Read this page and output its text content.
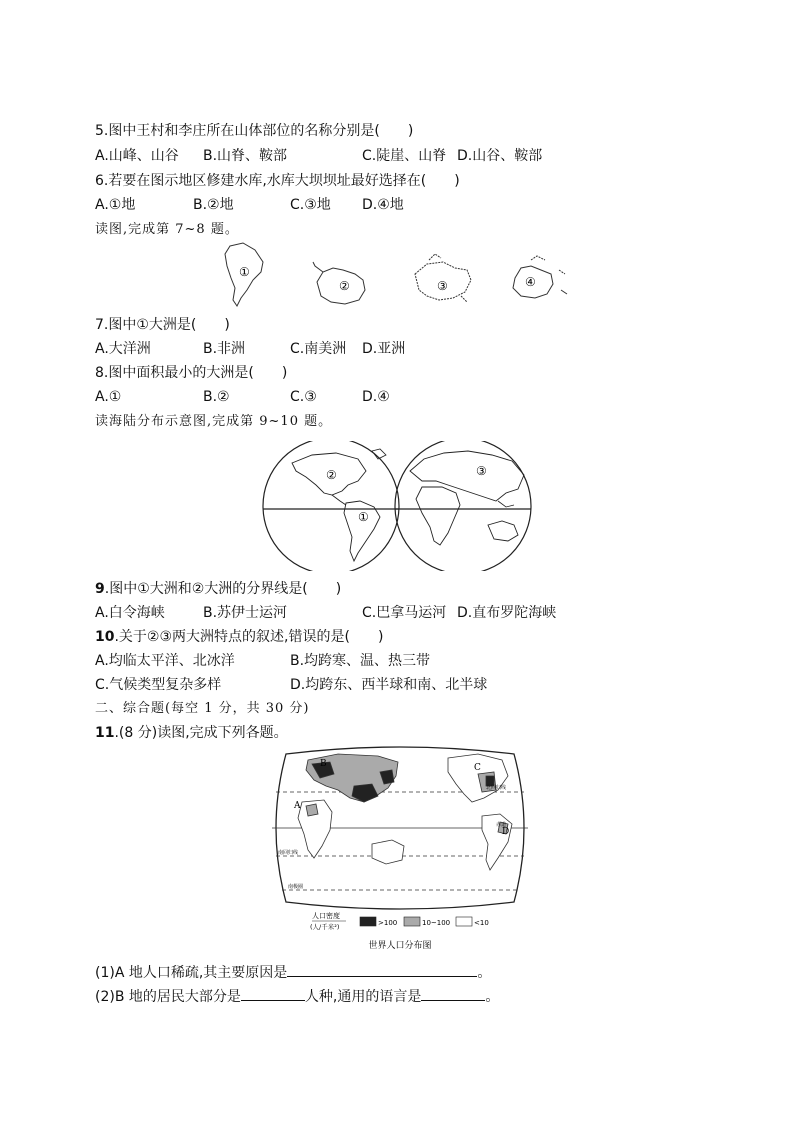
5.图中王村和李庄所在山体部位的名称分别是(　　)
A.山峰、山谷 B.山脊、鞍部	C.陡崖、山脊 D.山谷、鞍部
6.若要在图示地区修建水库,水库大坝坝址最好选择在(　　)
A.①地	B.②地	C.③地 D.④地
读图,完成第 7~8 题。
①
②	③	④
7.图中①大洲是(　　)
A.大洋洲	B.非洲	C.南美洲 D.亚洲
8.图中面积最小的大洲是(　　)
A.①	B.②	C.③	D.④
读海陆分布示意图,完成第 9~10 题。
①
②	③
9.图中①大洲和②大洲的分界线是(　　)
A.白令海峡	B.苏伊士运河	C.巴拿马运河 D.直布罗陀海峡
10.关于②③两大洲特点的叙述,错误的是(　　)
A.均临太平洋、北冰洋	B.均跨寒、温、热三带
C.气候类型复杂多样	D.均跨东、西半球和南、北半球
二、综合题(每空 1 分，共 30 分)
11.(8 分)读图,完成下列各题。
A
B	C
D
北回归线
赤道
南回归线
南极圈
人口密度
(人/千米²)	>100	10~100	<10
世界人口分布图
(1)A 地人口稀疏,其主要原因是	。
(2)B 地的居民大部分是	人种,通用的语言是	。
